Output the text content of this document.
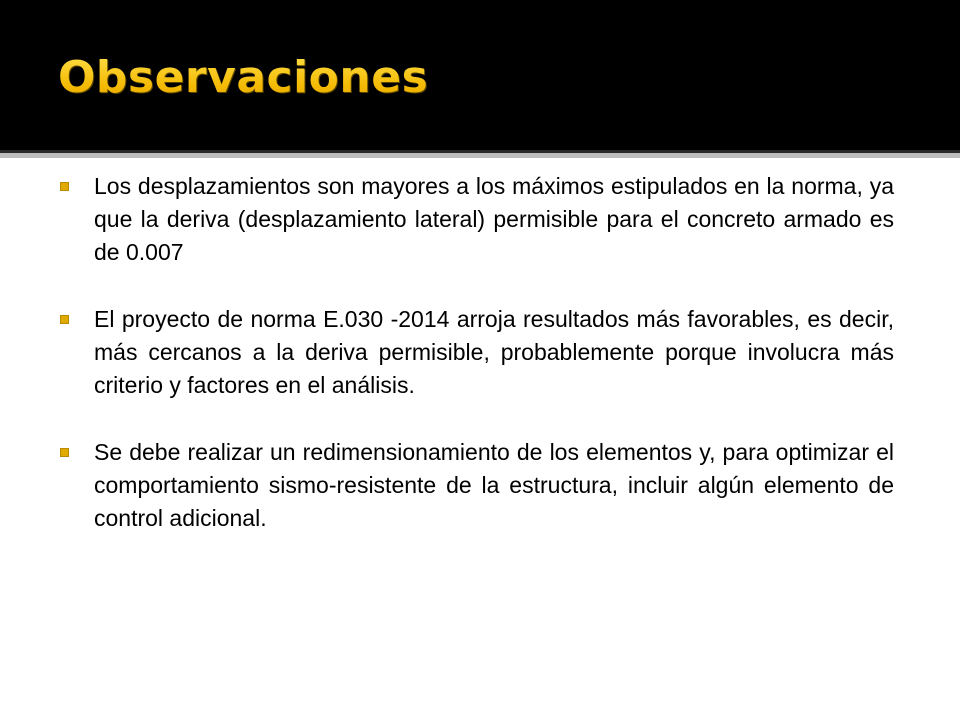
Observaciones
Los desplazamientos son mayores a los máximos estipulados en la norma, ya que la deriva (desplazamiento lateral) permisible para el concreto armado es de 0.007
El proyecto de norma E.030 -2014 arroja resultados más favorables, es decir, más cercanos a la deriva permisible, probablemente porque involucra más criterio y factores en el análisis.
Se debe realizar un redimensionamiento de los elementos y, para optimizar el comportamiento sismo-resistente de la estructura, incluir algún elemento de control adicional.
